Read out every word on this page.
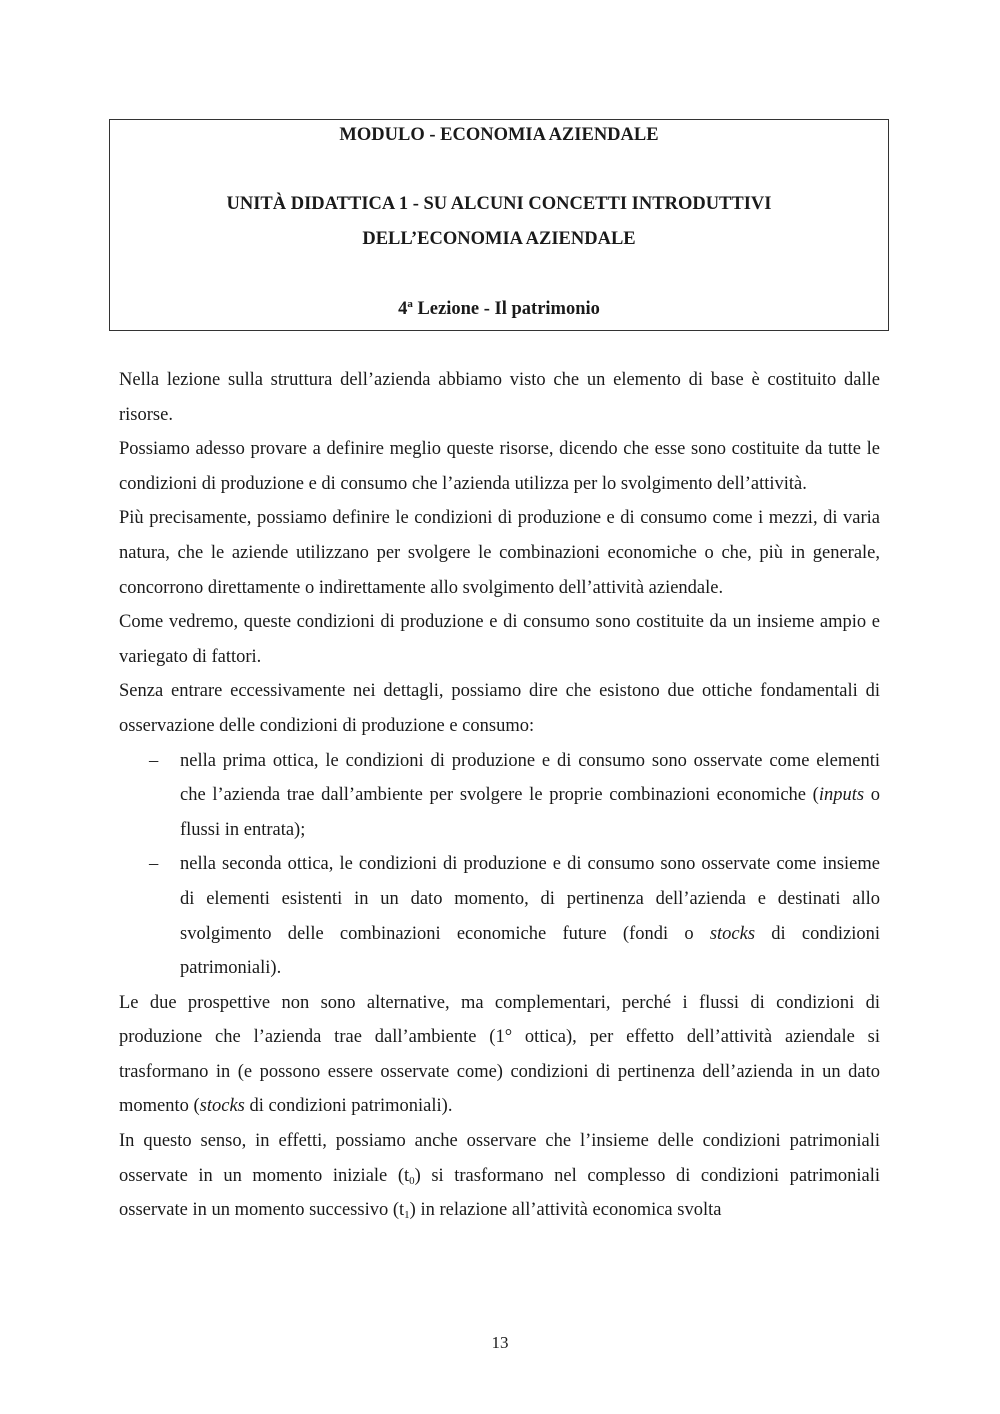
MODULO - ECONOMIA AZIENDALE
UNITÀ DIDATTICA 1 - SU ALCUNI CONCETTI INTRODUTTIVI
DELL’ECONOMIA AZIENDALE
4$^a$ Lezione - Il patrimonio

Nella lezione sulla struttura dell’azienda abbiamo visto che un elemento di base è costituito dalle risorse.

Possiamo adesso provare a definire meglio queste risorse, dicendo che esse sono costituite da tutte le condizioni di produzione e di consumo che l’azienda utilizza per lo svolgimento dell’attività.

Più precisamente, possiamo definire le condizioni di produzione e di consumo come i mezzi, di varia natura, che le aziende utilizzano per svolgere le combinazioni economiche o che, più in generale, concorrono direttamente o indirettamente allo svolgimento dell’attività aziendale.

Come vedremo, queste condizioni di produzione e di consumo sono costituite da un insieme ampio e variegato di fattori.

Senza entrare eccessivamente nei dettagli, possiamo dire che esistono due ottiche fondamentali di osservazione delle condizioni di produzione e consumo:

– nella prima ottica, le condizioni di produzione e di consumo sono osservate come elementi che l’azienda trae dall’ambiente per svolgere le proprie combinazioni economiche (inputs o flussi in entrata);
– nella seconda ottica, le condizioni di produzione e di consumo sono osservate come insieme di elementi esistenti in un dato momento, di pertinenza dell’azienda e destinati allo svolgimento delle combinazioni economiche future (fondi o stocks di condizioni patrimoniali).

Le due prospettive non sono alternative, ma complementari, perché i flussi di condizioni di produzione che l’azienda trae dall’ambiente (1° ottica), per effetto dell’attività aziendale si trasformano in (e possono essere osservate come) condizioni di pertinenza dell’azienda in un dato momento (stocks di condizioni patrimoniali).

In questo senso, in effetti, possiamo anche osservare che l’insieme delle condizioni patrimoniali osservate in un momento iniziale $(t_0)$ si trasformano nel complesso di condizioni patrimoniali osservate in un momento successivo $(t_1)$ in relazione all’attività economica svolta

13
